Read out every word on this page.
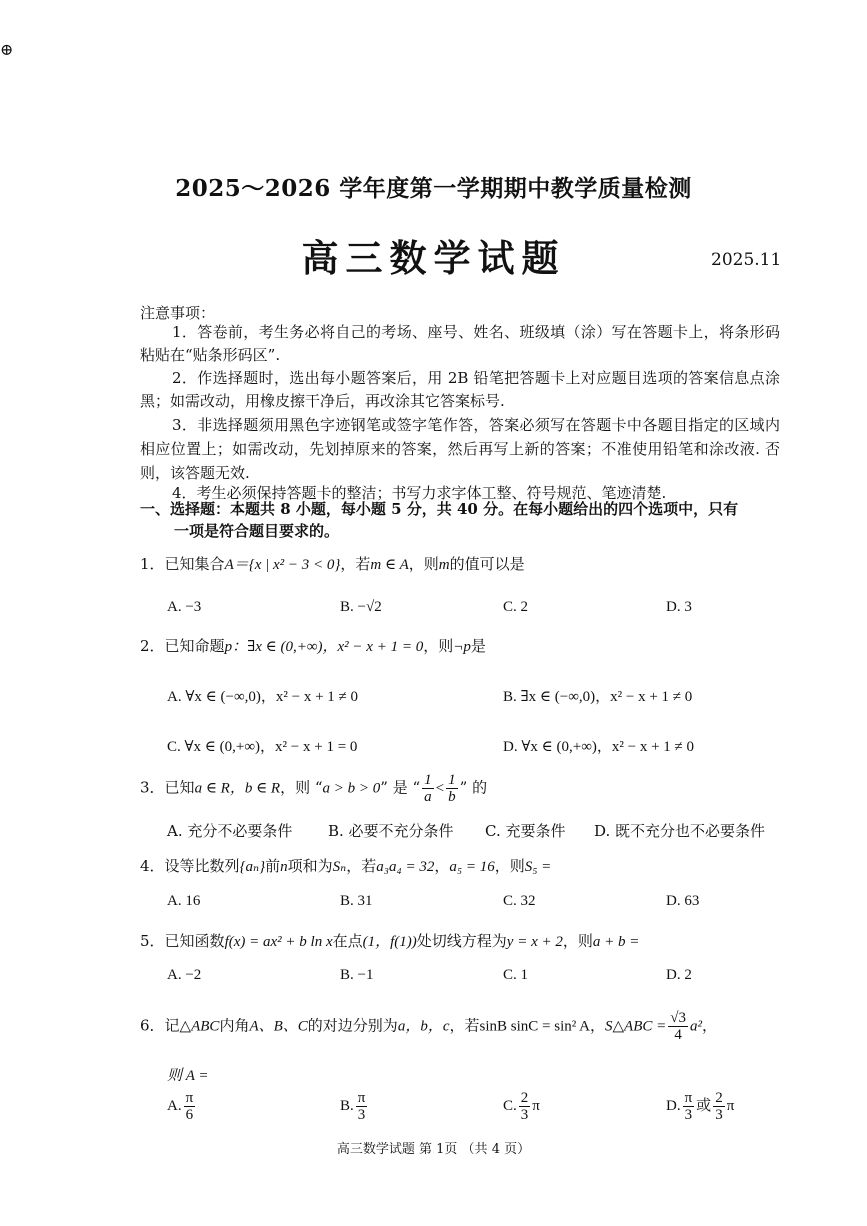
⊕
2025～2026 学年度第一学期期中教学质量检测
高三数学试题	2025.11
注意事项：
1．答卷前，考生务必将自己的考场、座号、姓名、班级填（涂）写在答题卡上，将条形码粘贴在“贴条形码区”.
2．作选择题时，选出每小题答案后，用 2B 铅笔把答题卡上对应题目选项的答案信息点涂黑；如需改动，用橡皮擦干净后，再改涂其它答案标号.
3．非选择题须用黑色字迹钢笔或签字笔作答，答案必须写在答题卡中各题目指定的区域内相应位置上；如需改动，先划掉原来的答案，然后再写上新的答案；不准使用铅笔和涂改液. 否则，该答题无效.
4．考生必须保持答题卡的整洁；书写力求字体工整、符号规范、笔迹清楚.
一、选择题：本题共 8 小题，每小题 5 分，共 40 分。在每小题给出的四个选项中，只有
一项是符合题目要求的。
1．已知集合A＝{x | x² − 3 < 0}，若m ∈ A，则m的值可以是
A. −3	B. −√2	C. 2	D. 3
2．已知命题p：∃x ∈ (0,+∞)，x² − x + 1 = 0，则¬p是
A. ∀x ∈ (−∞,0)，x² − x + 1 ≠ 0	B. ∃x ∈ (−∞,0)，x² − x + 1 ≠ 0
C. ∀x ∈ (0,+∞)，x² − x + 1 = 0	D. ∀x ∈ (0,+∞)，x² − x + 1 ≠ 0
3．已知a ∈ R，b ∈ R，则 “a > b > 0” 是 “ $\frac{1}{a} < \frac{1}{b}$ ” 的
A. 充分不必要条件 B. 必要不充分条件 C. 充要条件 D. 既不充分也不必要条件
4．设等比数列{aₙ}前n项和为Sₙ，若a₃a₄ = 32，a₅ = 16，则S₅ =
A. 16	B. 31	C. 32	D. 63
5．已知函数f(x) = ax² + b ln x在点(1，f(1))处切线方程为y = x + 2，则a + b =
A. −2	B. −1	C. 1	D. 2
6．记△ABC内角A、B、C的对边分别为a，b，c，若sinB sinC = sin² A，S△ABC = $\frac{√3}{4} a^2$，
则 A =
A. $\frac{\pi}{6}$	B. $\frac{\pi}{3}$	C. $\frac{2}{3}$ π	D. $\frac{\pi}{3}$ 或 $\frac{2}{3}$ π
高三数学试题 第 1页 （共 4 页）
